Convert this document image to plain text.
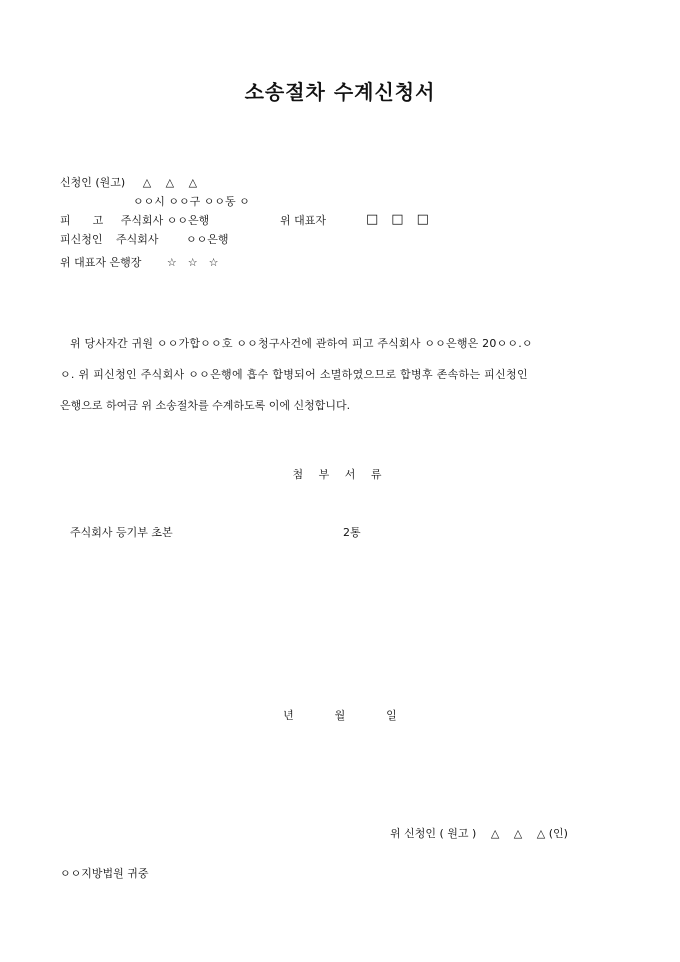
소송절차 수계신청서
신청인 (원고) △　 △　 △
ㅇㅇ시 ㅇㅇ구 ㅇㅇ동 ㅇ
피　　고 주식회사 ㅇㅇ은행	위 대표자	□　□　□
피신청인 주식회사	ㅇㅇ은행
위 대표자 은행장 ☆　☆　☆
위 당사자간 귀원 ㅇㅇ가합ㅇㅇ호 ㅇㅇ청구사건에 관하여 피고 주식회사 ㅇㅇ은행은 20ㅇㅇ.ㅇ
ㅇ. 위 피신청인 주식회사 ㅇㅇ은행에 흡수 합병되어 소멸하였으므로 합병후 존속하는 피신청인
은행으로 하여금 위 소송절차를 수계하도록 이에 신청합니다.
첨 부 서 류
주식회사 등기부 초본	2통
년	월	일
위 신청인 ( 원고 )　 △　 △　 △ (인)
ㅇㅇ지방법원 귀중
